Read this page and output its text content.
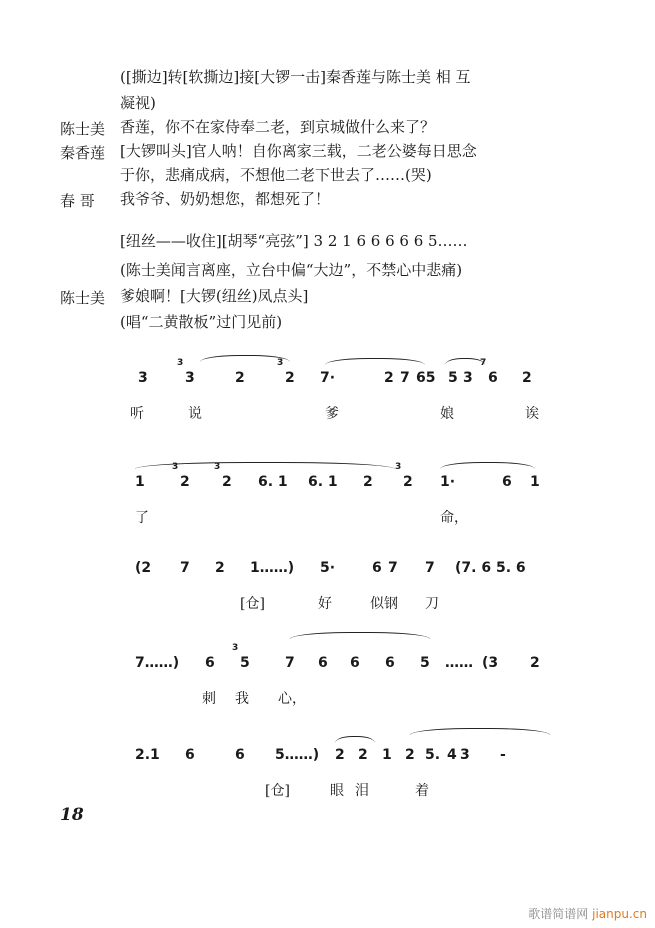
([撕边]转[软撕边]接[大锣一击]秦香莲与陈士美 相 互
凝视)
陈士美 香莲，你不在家侍奉二老，到京城做什么来了？
秦香莲 [大锣叫头]官人呐！自你离家三载，二老公婆每日思念
于你，悲痛成病，不想他二老下世去了……(哭)
春 哥 我爷爷、奶奶想您，都想死了！
[纽丝——收住][胡琴“亮弦”] 3 2 1 6 6 6 6 6 5……
(陈士美闻言离座，立台中偏“大边”，不禁心中悲痛)
陈士美 爹娘啊！[大锣(纽丝)凤点头]
(唱“二黄散板”过门见前)
3	3
3
2	2
3
7·	2 7 65 5 3 6
7
2
听	说	爹	娘	诶
1	2
3
2
3
6. 1 6. 1 2 2
3
1·	6 1
了	命，
(2 7 2 1……) 5·	6 7 7 (7. 6 5. 6
[仓]	好	似钢 刀
7……) 6 5
3
7 6 6 6 5 …… (3 2
刺 我 心，
2.1 6	6 5……) 2 2 1 2 5. 4 3 -
[仓]	眼 泪	着
18
歌谱简谱网 jianpu.cn
